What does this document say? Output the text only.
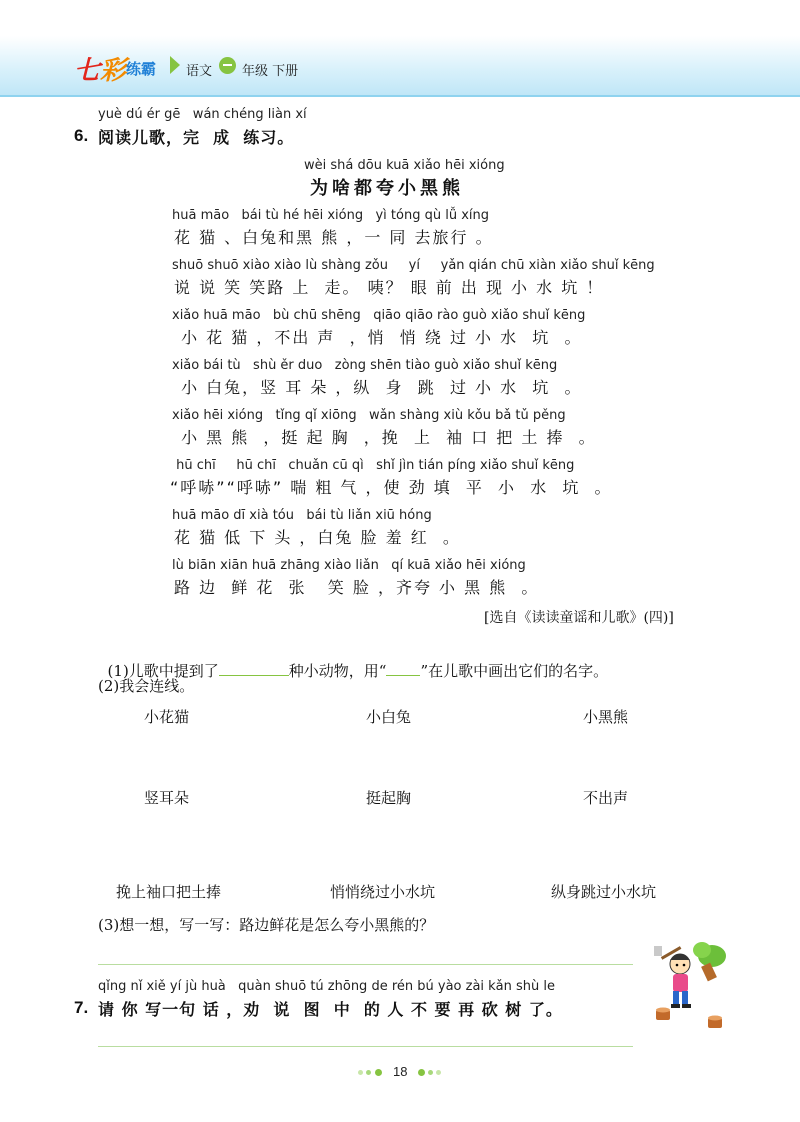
七彩 练霸 语文 年级 下册
yuè dú ér gē   wán chéng liàn xí
6. 阅读儿歌，完  成  练习。
wèi shá dōu kuā xiǎo hēi xióng
为啥都夸小黑熊
huā māo   bái tù hé hēi xióng   yì tóng qù lǚ xíng
花 猫 、白兔和黑 熊 ，一 同 去旅行 。
shuō shuō xiào xiào lù shàng zǒu     yí     yǎn qián chū xiàn xiǎo shuǐ kēng
说 说 笑 笑路 上  走。 咦？ 眼 前 出 现 小 水 坑 ！
xiǎo huā māo   bù chū shēng   qiāo qiāo rào guò xiǎo shuǐ kēng
小 花 猫 ，不出 声  ，悄  悄 绕 过 小 水  坑  。
xiǎo bái tù   shù ěr duo   zòng shēn tiào guò xiǎo shuǐ kēng
小 白兔，竖 耳 朵 ，纵  身  跳  过 小 水  坑  。
xiǎo hēi xióng   tǐng qǐ xiōng   wǎn shàng xiù kǒu bǎ tǔ pěng
小 黑 熊  ，挺 起 胸  ，挽  上  袖 口 把 土 捧  。
hū chī     hū chī   chuǎn cū qì   shǐ jìn tián píng xiǎo shuǐ kēng
“呼哧”“呼哧” 喘 粗 气 ，使 劲 填  平  小  水  坑  。
huā māo dī xià tóu   bái tù liǎn xiū hóng
花 猫 低 下 头 ，白兔 脸 羞 红  。
lù biān xiān huā zhāng xiào liǎn   qí kuā xiǎo hēi xióng
路 边  鲜 花  张   笑 脸 ，齐夸 小 黑 熊  。
[选自《读读童谣和儿歌》(四)]

(1)儿歌中提到了	种小动物，用“ ”在儿歌中画出它们的名字。

(2)我会连线。
小花猫	小白兔	小黑熊
竖耳朵	挺起胸	不出声
挽上袖口把土捧	悄悄绕过小水坑	纵身跳过小水坑
(3)想一想，写一写：路边鲜花是怎么夸小黑熊的？
qǐng nǐ xiě yí jù huà   quàn shuō tú zhōng de rén bú yào zài kǎn shù le
7. 请 你 写一句 话 ，劝  说  图  中  的 人 不 要 再 砍 树 了。
18
